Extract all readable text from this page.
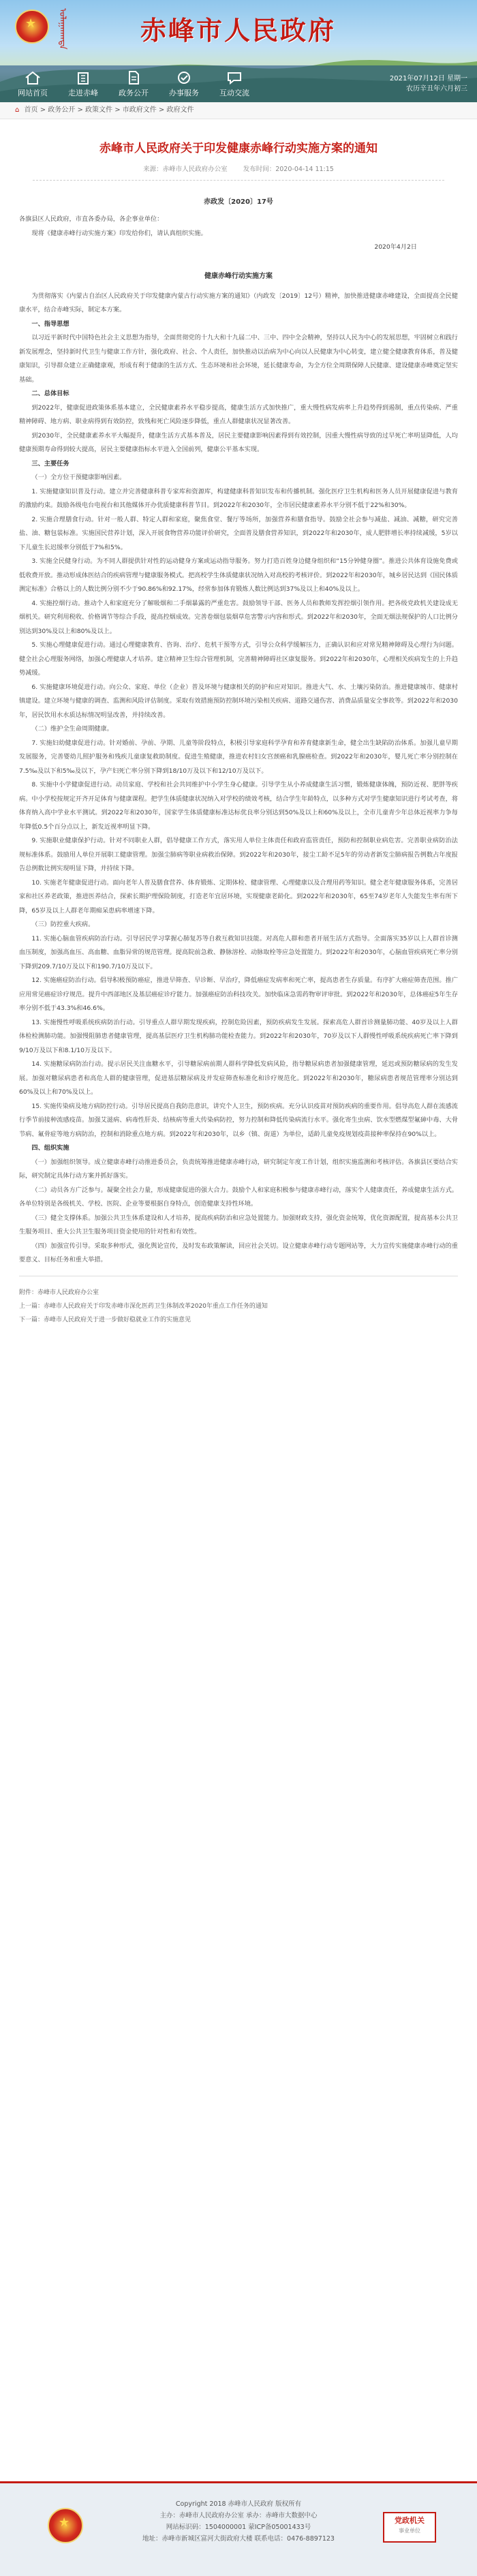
★
ᠤᠯᠠᠭᠠᠨᠬᠠᠳᠠ	赤峰市人民政府
网站首页	走进赤峰	政务公开	办事服务	互动交流
2021年07月12日 星期一
农历辛丑年六月初三
⌂ 首页 > 政务公开 > 政策文件 > 市政府文件 > 政府文件
赤峰市人民政府关于印发健康赤峰行动实施方案的通知
来源：赤峰市人民政府办公室 发布时间：2020-04-14 11:15
赤政发〔2020〕17号

各旗县区人民政府，市直各委办局，各企事业单位：

现将《健康赤峰行动实施方案》印发给你们，请认真组织实施。

2020年4月2日

健康赤峰行动实施方案

为贯彻落实《内蒙古自治区人民政府关于印发健康内蒙古行动实施方案的通知》（内政发〔2019〕12号）精神，加快推进健康赤峰建设，全面提高全民健康水平，结合赤峰实际，制定本方案。

一、指导思想

以习近平新时代中国特色社会主义思想为指导，全面贯彻党的十九大和十九届二中、三中、四中全会精神，坚持以人民为中心的发展思想，牢固树立和践行新发展理念，坚持新时代卫生与健康工作方针，强化政府、社会、个人责任，加快推动以治病为中心向以人民健康为中心转变，建立健全健康教育体系，普及健康知识，引导群众建立正确健康观，形成有利于健康的生活方式、生态环境和社会环境，延长健康寿命，为全方位全周期保障人民健康、建设健康赤峰奠定坚实基础。

二、总体目标

到2022年，健康促进政策体系基本建立，全民健康素养水平稳步提高，健康生活方式加快推广，重大慢性病发病率上升趋势得到遏制，重点传染病、严重精神障碍、地方病、职业病得到有效防控，致残和死亡风险逐步降低，重点人群健康状况显著改善。

到2030年，全民健康素养水平大幅提升，健康生活方式基本普及，居民主要健康影响因素得到有效控制，因重大慢性病导致的过早死亡率明显降低，人均健康预期寿命得到较大提高，居民主要健康指标水平进入全国前列，健康公平基本实现。

三、主要任务

（一）全方位干预健康影响因素。

1. 实施健康知识普及行动。建立并完善健康科普专家库和资源库，构建健康科普知识发布和传播机制。强化医疗卫生机构和医务人员开展健康促进与教育的激励约束。鼓励各级电台电视台和其他媒体开办优质健康科普节目。到2022年和2030年，全市居民健康素养水平分别不低于22%和30%。

2. 实施合理膳食行动。针对一般人群、特定人群和家庭，聚焦食堂、餐厅等场所，加强营养和膳食指导。鼓励全社会参与减盐、减油、减糖，研究完善盐、油、糖包装标准。实施国民营养计划，深入开展食物营养功能评价研究，全面普及膳食营养知识，到2022年和2030年，成人肥胖增长率持续减缓，5岁以下儿童生长迟缓率分别低于7%和5%。

3. 实施全民健身行动。为不同人群提供针对性的运动健身方案或运动指导服务。努力打造百姓身边健身组织和“15分钟健身圈”。推进公共体育设施免费或低收费开放。推动形成体医结合的疾病管理与健康服务模式。把高校学生体质健康状况纳入对高校的考核评价。到2022年和2030年，城乡居民达到《国民体质测定标准》合格以上的人数比例分别不少于90.86%和92.17%，经常参加体育锻炼人数比例达到37%及以上和40%及以上。

4. 实施控烟行动。推动个人和家庭充分了解吸烟和二手烟暴露的严重危害。鼓励领导干部、医务人员和教师发挥控烟引领作用。把各级党政机关建设成无烟机关。研究利用税收、价格调节等综合手段，提高控烟成效。完善卷烟包装烟草危害警示内容和形式。到2022年和2030年，全面无烟法规保护的人口比例分别达到30%及以上和80%及以上。

5. 实施心理健康促进行动。通过心理健康教育、咨询、治疗、危机干预等方式，引导公众科学缓解压力，正确认识和应对常见精神障碍及心理行为问题。健全社会心理服务网络，加强心理健康人才培养。建立精神卫生综合管理机制，完善精神障碍社区康复服务。到2022年和2030年，心理相关疾病发生的上升趋势减缓。

6. 实施健康环境促进行动。向公众、家庭、单位（企业）普及环境与健康相关的防护和应对知识。推进大气、水、土壤污染防治。推进健康城市、健康村镇建设。建立环境与健康的调查、监测和风险评估制度。采取有效措施预防控制环境污染相关疾病、道路交通伤害、消费品质量安全事故等。到2022年和2030年，居民饮用水水质达标情况明显改善，并持续改善。

（二）维护全生命周期健康。

7. 实施妇幼健康促进行动。针对婚前、孕前、孕期、儿童等阶段特点，积极引导家庭科学孕育和养育健康新生命，健全出生缺陷防治体系。加强儿童早期发展服务，完善婴幼儿照护服务和残疾儿童康复救助制度。促进生殖健康，推进农村妇女宫颈癌和乳腺癌检查。到2022年和2030年，婴儿死亡率分别控制在7.5‰及以下和5‰及以下，孕产妇死亡率分别下降到18/10万及以下和12/10万及以下。

8. 实施中小学健康促进行动。动员家庭、学校和社会共同维护中小学生身心健康。引导学生从小养成健康生活习惯，锻炼健康体魄，预防近视、肥胖等疾病。中小学校按规定开齐开足体育与健康课程。把学生体质健康状况纳入对学校的绩效考核，结合学生年龄特点，以多种方式对学生健康知识进行考试考查，将体育纳入高中学业水平测试。到2022年和2030年，国家学生体质健康标准达标优良率分别达到50%及以上和60%及以上，全市儿童青少年总体近视率力争每年降低0.5个百分点以上，新发近视率明显下降。

9. 实施职业健康保护行动。针对不同职业人群，倡导健康工作方式，落实用人单位主体责任和政府监管责任，预防和控制职业病危害。完善职业病防治法规标准体系。鼓励用人单位开展职工健康管理。加强尘肺病等职业病救治保障。到2022年和2030年，接尘工龄不足5年的劳动者新发尘肺病报告例数占年度报告总例数比例实现明显下降，并持续下降。

10. 实施老年健康促进行动。面向老年人普及膳食营养、体育锻炼、定期体检、健康管理、心理健康以及合理用药等知识。健全老年健康服务体系，完善居家和社区养老政策，推进医养结合，探索长期护理保险制度，打造老年宜居环境，实现健康老龄化。到2022年和2030年，65至74岁老年人失能发生率有所下降，65岁及以上人群老年期痴呆患病率增速下降。

（三）防控重大疾病。

11. 实施心脑血管疾病防治行动。引导居民学习掌握心肺复苏等自救互救知识技能。对高危人群和患者开展生活方式指导。全面落实35岁以上人群首诊测血压制度，加强高血压、高血糖、血脂异常的规范管理。提高院前急救、静脉溶栓、动脉取栓等应急处置能力。到2022年和2030年，心脑血管疾病死亡率分别下降到209.7/10万及以下和190.7/10万及以下。

12. 实施癌症防治行动。倡导积极预防癌症，推进早筛查、早诊断、早治疗，降低癌症发病率和死亡率，提高患者生存质量。有序扩大癌症筛查范围。推广应用常见癌症诊疗规范。提升中西部地区及基层癌症诊疗能力。加强癌症防治科技攻关。加快临床急需药物审评审批。到2022年和2030年，总体癌症5年生存率分别不低于43.3%和46.6%。

13. 实施慢性呼吸系统疾病防治行动。引导重点人群早期发现疾病，控制危险因素，预防疾病发生发展。探索高危人群首诊测量肺功能、40岁及以上人群体检检测肺功能。加强慢阻肺患者健康管理，提高基层医疗卫生机构肺功能检查能力。到2022年和2030年，70岁及以下人群慢性呼吸系统疾病死亡率下降到9/10万及以下和8.1/10万及以下。

14. 实施糖尿病防治行动。提示居民关注血糖水平，引导糖尿病前期人群科学降低发病风险，指导糖尿病患者加强健康管理，延迟或预防糖尿病的发生发展。加强对糖尿病患者和高危人群的健康管理，促进基层糖尿病及并发症筛查标准化和诊疗规范化。到2022年和2030年，糖尿病患者规范管理率分别达到60%及以上和70%及以上。

15. 实施传染病及地方病防控行动。引导居民提高自我防范意识，讲究个人卫生，预防疾病。充分认识疫苗对预防疾病的重要作用。倡导高危人群在流感流行季节前接种流感疫苗。加强艾滋病、病毒性肝炎、结核病等重大传染病防控，努力控制和降低传染病流行水平。强化寄生虫病、饮水型燃煤型氟砷中毒、大骨节病、氟骨症等地方病防治，控制和消除重点地方病。到2022年和2030年，以乡（镇、街道）为单位，适龄儿童免疫规划疫苗接种率保持在90%以上。

四、组织实施

（一）加强组织领导。成立健康赤峰行动推进委员会，负责统筹推进健康赤峰行动，研究制定年度工作计划，组织实施监测和考核评估。各旗县区要结合实际，研究制定具体行动方案并抓好落实。

（二）动员各方广泛参与。凝聚全社会力量，形成健康促进的强大合力。鼓励个人和家庭积极参与健康赤峰行动，落实个人健康责任，养成健康生活方式。各单位特别是各级机关、学校、医院、企业等要根据自身特点，创造健康支持性环境。

（三）健全支撑体系。加强公共卫生体系建设和人才培养，提高疾病防治和应急处置能力。加强财政支持，强化资金统筹，优化资源配置，提高基本公共卫生服务项目、重大公共卫生服务项目资金使用的针对性和有效性。

（四）加强宣传引导。采取多种形式，强化舆论宣传，及时发布政策解读，回应社会关切。设立健康赤峰行动专题网站等，大力宣传实施健康赤峰行动的重要意义、目标任务和重大举措。

附件：赤峰市人民政府办公室
上一篇：赤峰市人民政府关于印发赤峰市深化医药卫生体制改革2020年重点工作任务的通知
下一篇：赤峰市人民政府关于进一步做好稳就业工作的实施意见
★
Copyright 2018 赤峰市人民政府 版权所有
主办：赤峰市人民政府办公室 承办：赤峰市大数据中心
网站标识码：1504000001 蒙ICP备05001433号
地址：赤峰市新城区富河大街政府大楼 联系电话：0476-8897123
党政机关
事业单位
